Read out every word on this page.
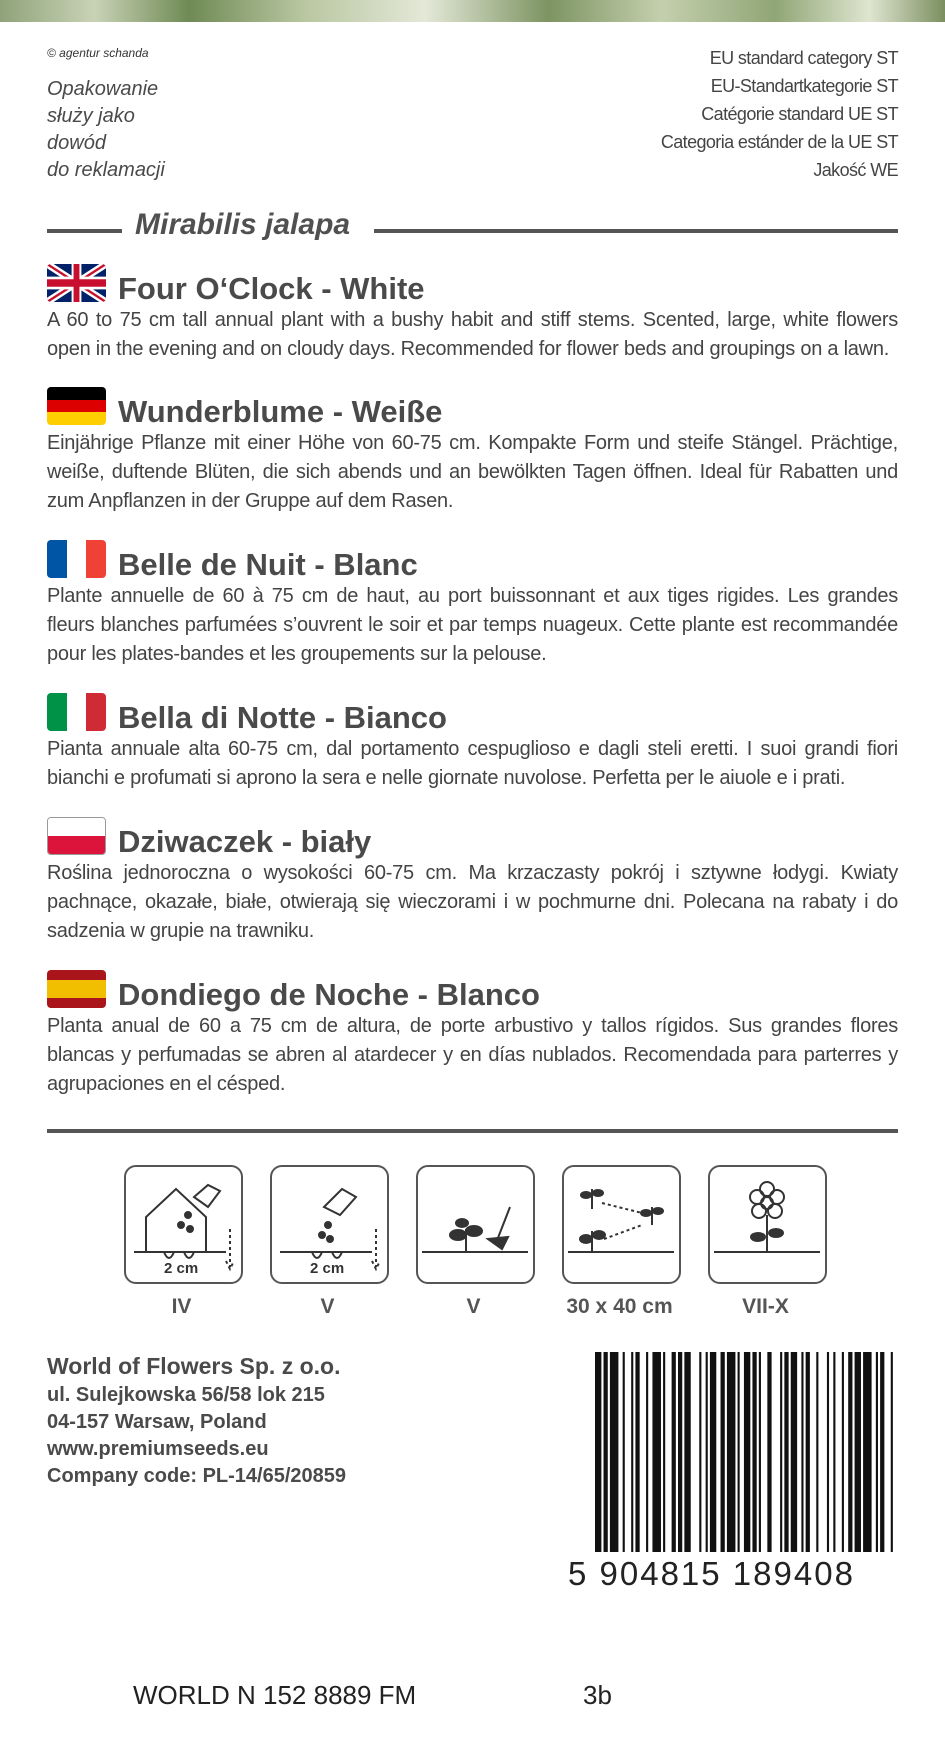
© agentur schanda
Opakowanie
służy jako
dowód
do reklamacji
EU standard category ST
EU-Standartkategorie ST
Catégorie standard UE ST
Categoria estánder de la UE ST
Jakość WE
Mirabilis jalapa
Four O‘Clock - White
A 60 to 75 cm tall annual plant with a bushy habit and stiff stems. Scented, large, white flowers open in the evening and on cloudy days. Recommended for flower beds and groupings on a lawn.
Wunderblume - Weiße
Einjährige Pflanze mit einer Höhe von 60-75 cm. Kompakte Form und steife Stängel. Prächtige, weiße, duftende Blüten, die sich abends und an bewölkten Tagen öffnen. Ideal für Rabatten und zum Anpflanzen in der Gruppe auf dem Rasen.
Belle de Nuit - Blanc
Plante annuelle de 60 à 75 cm de haut, au port buissonnant et aux tiges rigides. Les grandes fleurs blanches parfumées s’ouvrent le soir et par temps nuageux. Cette plante est recommandée pour les plates-bandes et les groupements sur la pelouse.
Bella di Notte - Bianco
Pianta annuale alta 60-75 cm, dal portamento cespuglioso e dagli steli eretti. I suoi grandi fiori bianchi e profumati si aprono la sera e nelle giornate nuvolose. Perfetta per le aiuole e i prati.
Dziwaczek - biały
Roślina jednoroczna o wysokości 60-75 cm. Ma krzaczasty pokrój i sztywne łodygi. Kwiaty pachnące, okazałe, białe, otwierają się wieczorami i w pochmurne dni. Polecana na rabaty i do sadzenia w grupie na trawniku.
Dondiego de Noche - Blanco
Planta anual de 60 a 75 cm de altura, de porte arbustivo y tallos rígidos. Sus grandes flores blancas y perfumadas se abren al atardecer y en días nublados. Recomendada para parterres y agrupaciones en el césped.
2 cm	2 cm
IV	V	V	30 x 40 cm	VII-X
World of Flowers Sp. z o.o.
ul. Sulejkowska 56/58 lok 215
04-157 Warsaw, Poland
www.premiumseeds.eu
Company code: PL-14/65/20859
5 904815 189408
WORLD N 152 8889 FM	3b
